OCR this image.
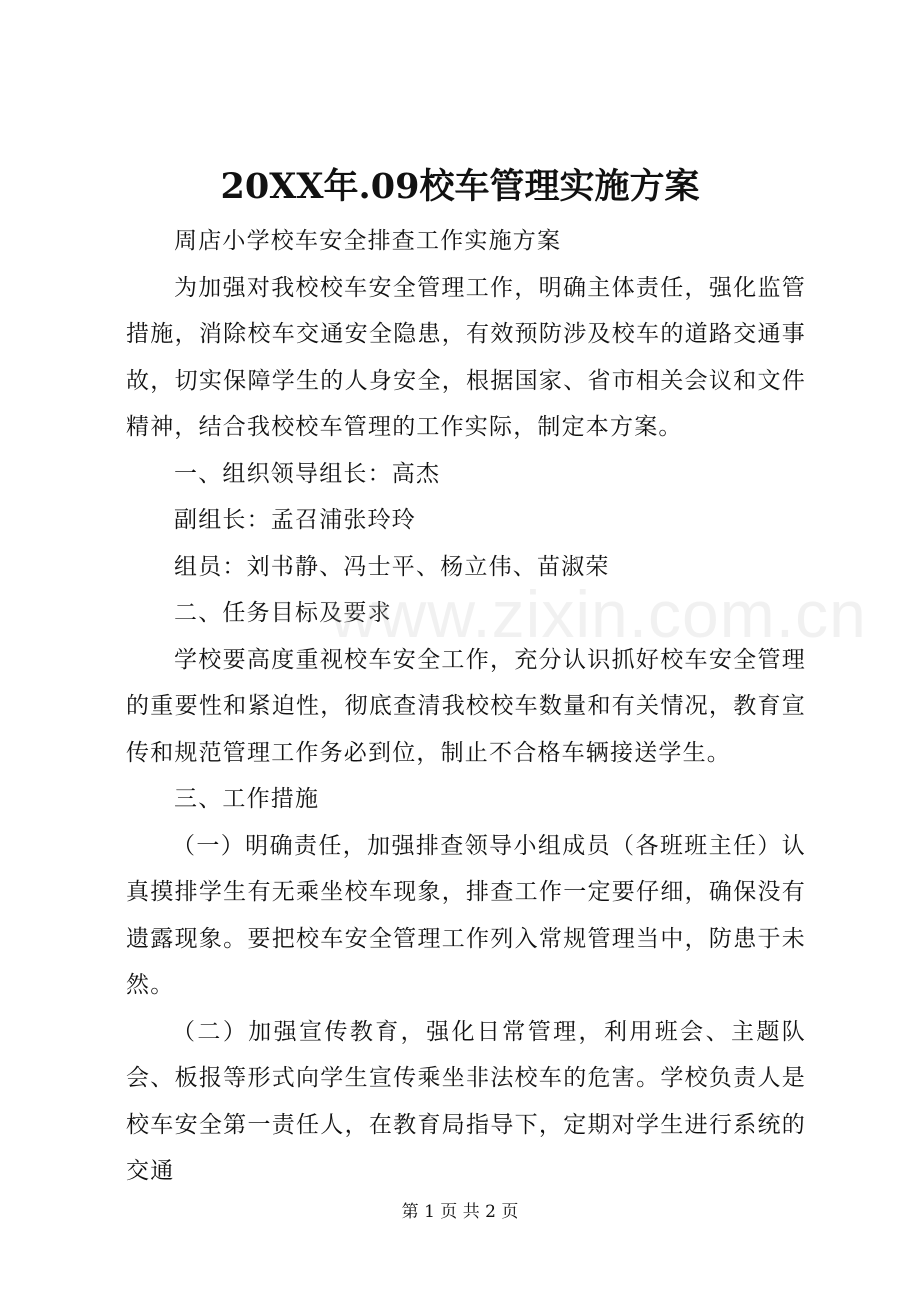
20XX年.09校车管理实施方案

周店小学校车安全排查工作实施方案

为加强对我校校车安全管理工作，明确主体责任，强化监管措施，消除校车交通安全隐患，有效预防涉及校车的道路交通事故，切实保障学生的人身安全，根据国家、省市相关会议和文件精神，结合我校校车管理的工作实际，制定本方案。

一、组织领导组长：高杰

副组长：孟召浦张玲玲

组员：刘书静、冯士平、杨立伟、苗淑荣

二、任务目标及要求

学校要高度重视校车安全工作，充分认识抓好校车安全管理的重要性和紧迫性，彻底查清我校校车数量和有关情况，教育宣传和规范管理工作务必到位，制止不合格车辆接送学生。

三、工作措施

（一）明确责任，加强排查领导小组成员（各班班主任）认真摸排学生有无乘坐校车现象，排查工作一定要仔细，确保没有遗露现象。要把校车安全管理工作列入常规管理当中，防患于未然。

（二）加强宣传教育，强化日常管理，利用班会、主题队会、板报等形式向学生宣传乘坐非法校车的危害。学校负责人是校车安全第一责任人，在教育局指导下，定期对学生进行系统的交通

www.zixin.com.cn
第 1 页 共 2 页
